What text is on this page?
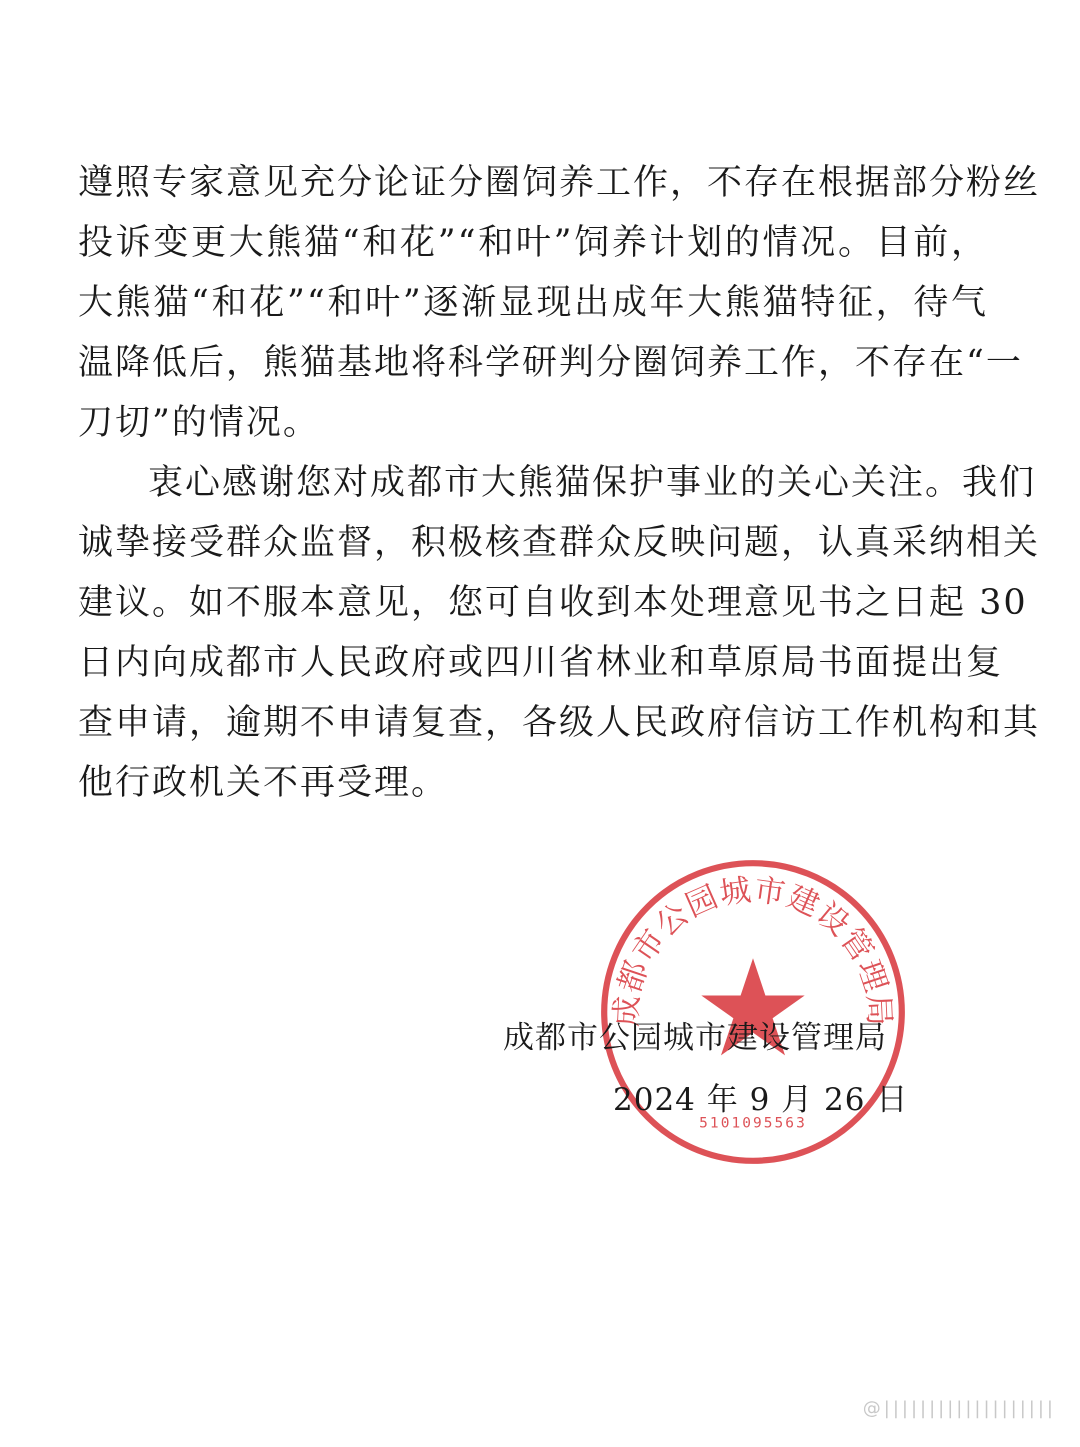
遵照专家意见充分论证分圈饲养工作，不存在根据部分粉丝
投诉变更大熊猫“和花”“和叶”饲养计划的情况。目前，
大熊猫“和花”“和叶”逐渐显现出成年大熊猫特征，待气
温降低后，熊猫基地将科学研判分圈饲养工作，不存在“一
刀切”的情况。
衷心感谢您对成都市大熊猫保护事业的关心关注。我们
诚挚接受群众监督，积极核查群众反映问题，认真采纳相关
建议。如不服本意见，您可自收到本处理意见书之日起 30
日内向成都市人民政府或四川省林业和草原局书面提出复
查申请，逾期不申请复查，各级人民政府信访工作机构和其
他行政机关不再受理。
成都市公园城市建设管理局
5101095563
成都市公园城市建设管理局
2024 年 9 月 26 日
@|||||||||||||||||||
